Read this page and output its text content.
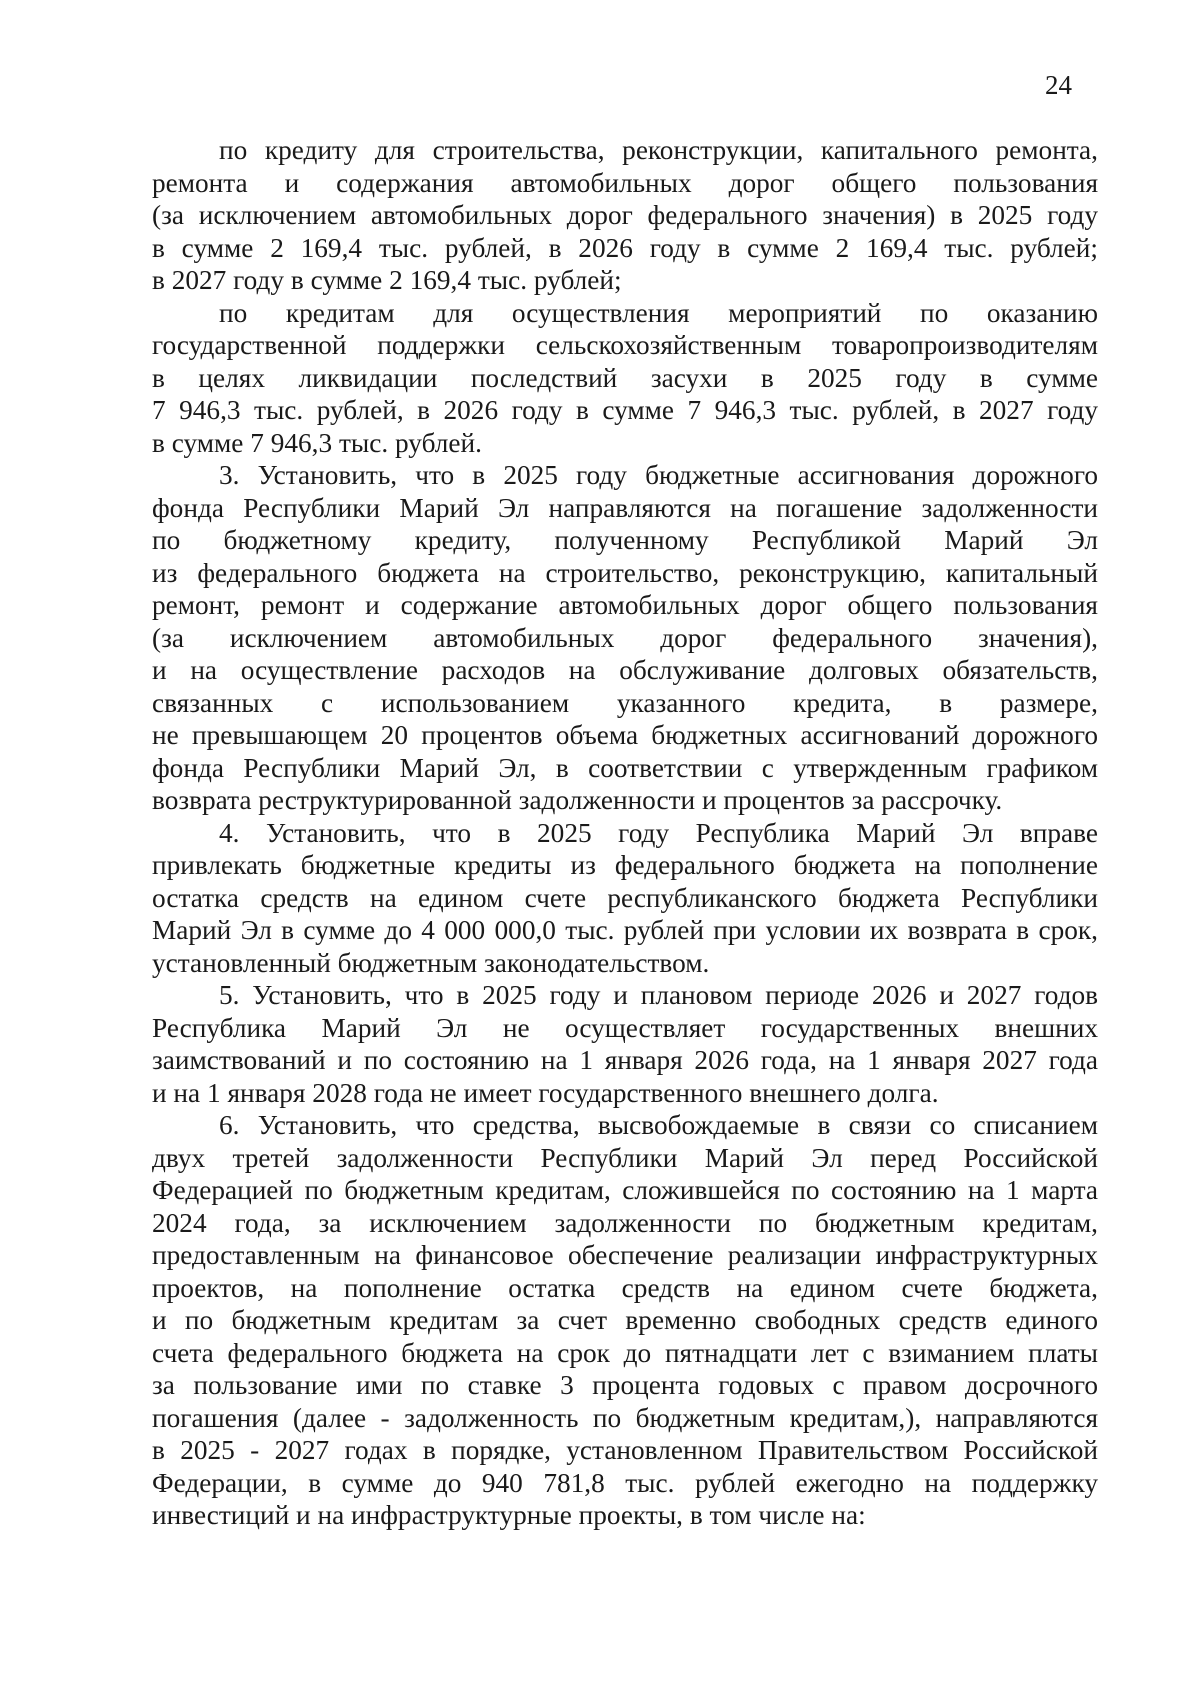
24

по кредиту для строительства, реконструкции, капитального ремонта,
ремонта и содержания автомобильных дорог общего пользования
(за исключением автомобильных дорог федерального значения) в 2025 году
в сумме 2 169,4 тыс. рублей, в 2026 году в сумме 2 169,4 тыс. рублей;
в 2027 году в сумме 2 169,4 тыс. рублей;

по кредитам для осуществления мероприятий по оказанию
государственной поддержки сельскохозяйственным товаропроизводителям
в целях ликвидации последствий засухи в 2025 году в сумме
7 946,3 тыс. рублей, в 2026 году в сумме 7 946,3 тыс. рублей, в 2027 году
в сумме 7 946,3 тыс. рублей.

3. Установить, что в 2025 году бюджетные ассигнования дорожного
фонда Республики Марий Эл направляются на погашение задолженности
по бюджетному кредиту, полученному Республикой Марий Эл
из федерального бюджета на строительство, реконструкцию, капитальный
ремонт, ремонт и содержание автомобильных дорог общего пользования
(за исключением автомобильных дорог федерального значения),
и на осуществление расходов на обслуживание долговых обязательств,
связанных с использованием указанного кредита, в размере,
не превышающем 20 процентов объема бюджетных ассигнований дорожного
фонда Республики Марий Эл, в соответствии с утвержденным графиком
возврата реструктурированной задолженности и процентов за рассрочку.

4. Установить, что в 2025 году Республика Марий Эл вправе
привлекать бюджетные кредиты из федерального бюджета на пополнение
остатка средств на едином счете республиканского бюджета Республики
Марий Эл в сумме до 4 000 000,0 тыс. рублей при условии их возврата в срок,
установленный бюджетным законодательством.

5. Установить, что в 2025 году и плановом периоде 2026 и 2027 годов
Республика Марий Эл не осуществляет государственных внешних
заимствований и по состоянию на 1 января 2026 года, на 1 января 2027 года
и на 1 января 2028 года не имеет государственного внешнего долга.

6. Установить, что средства, высвобождаемые в связи со списанием
двух третей задолженности Республики Марий Эл перед Российской
Федерацией по бюджетным кредитам, сложившейся по состоянию на 1 марта
2024 года, за исключением задолженности по бюджетным кредитам,
предоставленным на финансовое обеспечение реализации инфраструктурных
проектов, на пополнение остатка средств на едином счете бюджета,
и по бюджетным кредитам за счет временно свободных средств единого
счета федерального бюджета на срок до пятнадцати лет с взиманием платы
за пользование ими по ставке 3 процента годовых с правом досрочного
погашения (далее - задолженность по бюджетным кредитам,), направляются
в 2025 - 2027 годах в порядке, установленном Правительством Российской
Федерации, в сумме до 940 781,8 тыс. рублей ежегодно на поддержку
инвестиций и на инфраструктурные проекты, в том числе на:
